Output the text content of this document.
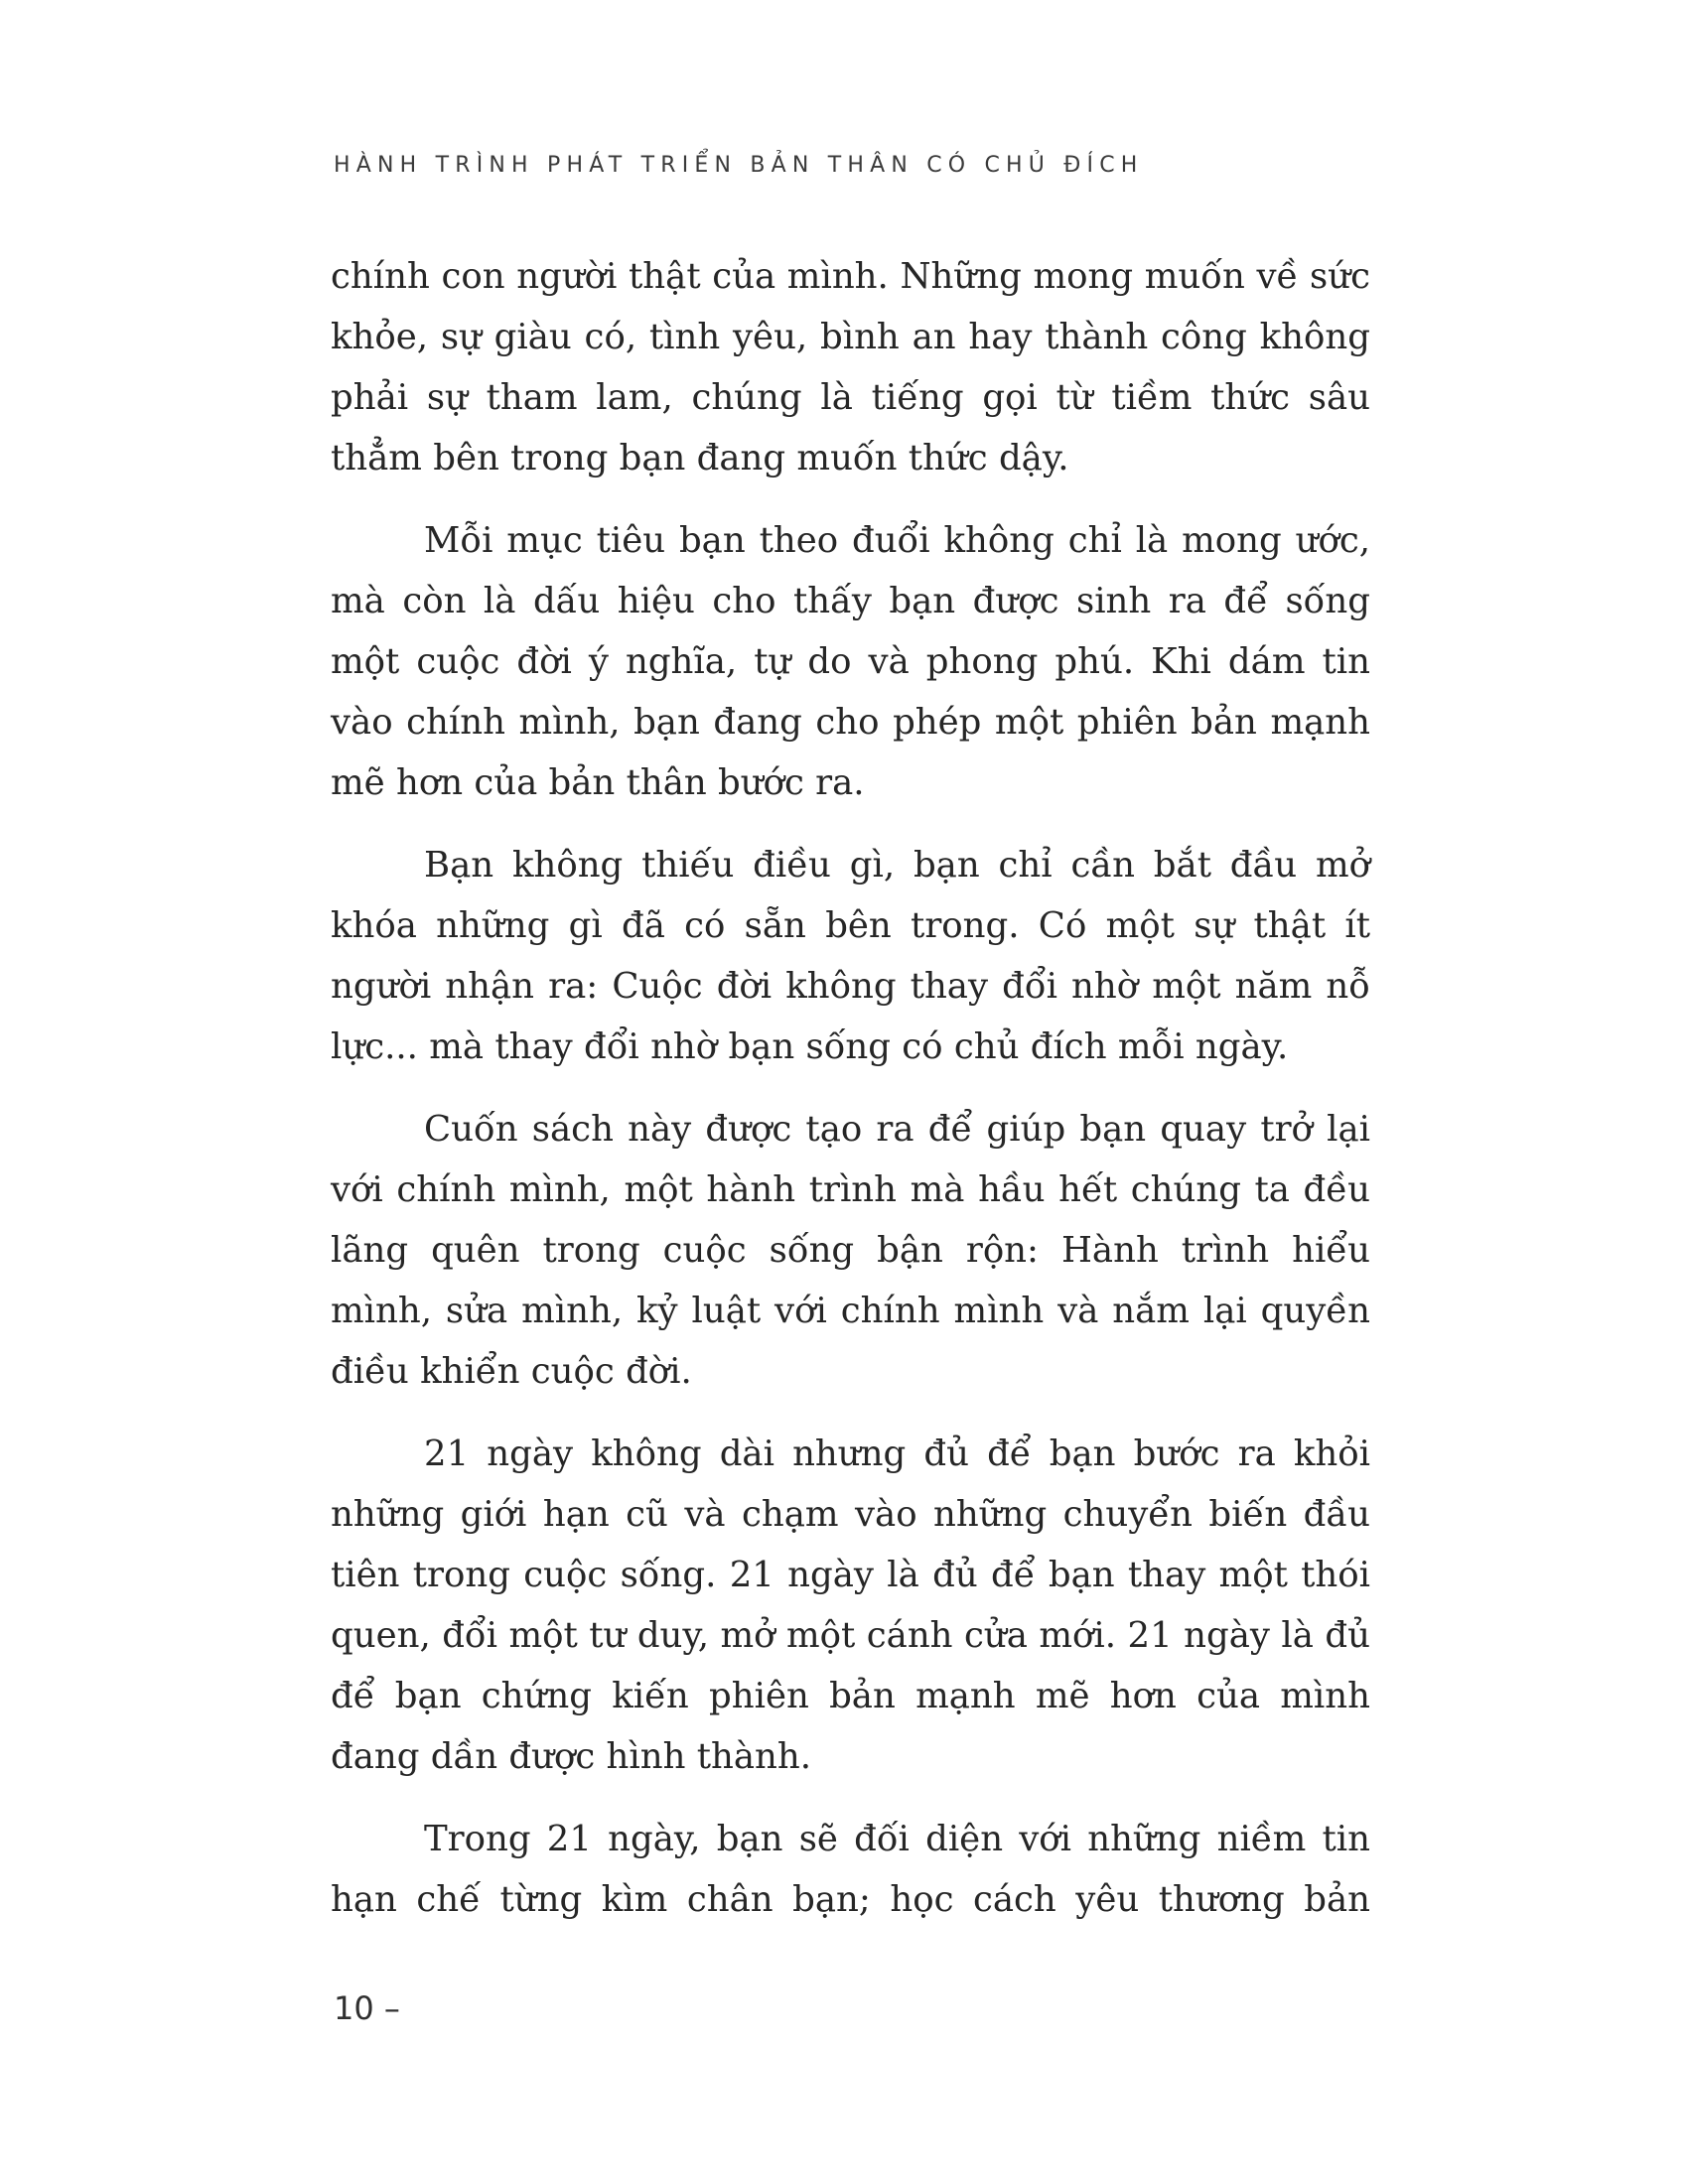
HÀNH TRÌNH PHÁT TRIỂN BẢN THÂN CÓ CHỦ ĐÍCH

chính con người thật của mình. Những mong muốn về sức khỏe, sự giàu có, tình yêu, bình an hay thành công không phải sự tham lam, chúng là tiếng gọi từ tiềm thức sâu thẳm bên trong bạn đang muốn thức dậy.

Mỗi mục tiêu bạn theo đuổi không chỉ là mong ước, mà còn là dấu hiệu cho thấy bạn được sinh ra để sống một cuộc đời ý nghĩa, tự do và phong phú. Khi dám tin vào chính mình, bạn đang cho phép một phiên bản mạnh mẽ hơn của bản thân bước ra.

Bạn không thiếu điều gì, bạn chỉ cần bắt đầu mở khóa những gì đã có sẵn bên trong. Có một sự thật ít người nhận ra: Cuộc đời không thay đổi nhờ một năm nỗ lực... mà thay đổi nhờ bạn sống có chủ đích mỗi ngày.

Cuốn sách này được tạo ra để giúp bạn quay trở lại với chính mình, một hành trình mà hầu hết chúng ta đều lãng quên trong cuộc sống bận rộn: Hành trình hiểu mình, sửa mình, kỷ luật với chính mình và nắm lại quyền điều khiển cuộc đời.

21 ngày không dài nhưng đủ để bạn bước ra khỏi những giới hạn cũ và chạm vào những chuyển biến đầu tiên trong cuộc sống. 21 ngày là đủ để bạn thay một thói quen, đổi một tư duy, mở một cánh cửa mới. 21 ngày là đủ để bạn chứng kiến phiên bản mạnh mẽ hơn của mình đang dần được hình thành.

Trong 21 ngày, bạn sẽ đối diện với những niềm tin hạn chế từng kìm chân bạn; học cách yêu thương bản

10 –
